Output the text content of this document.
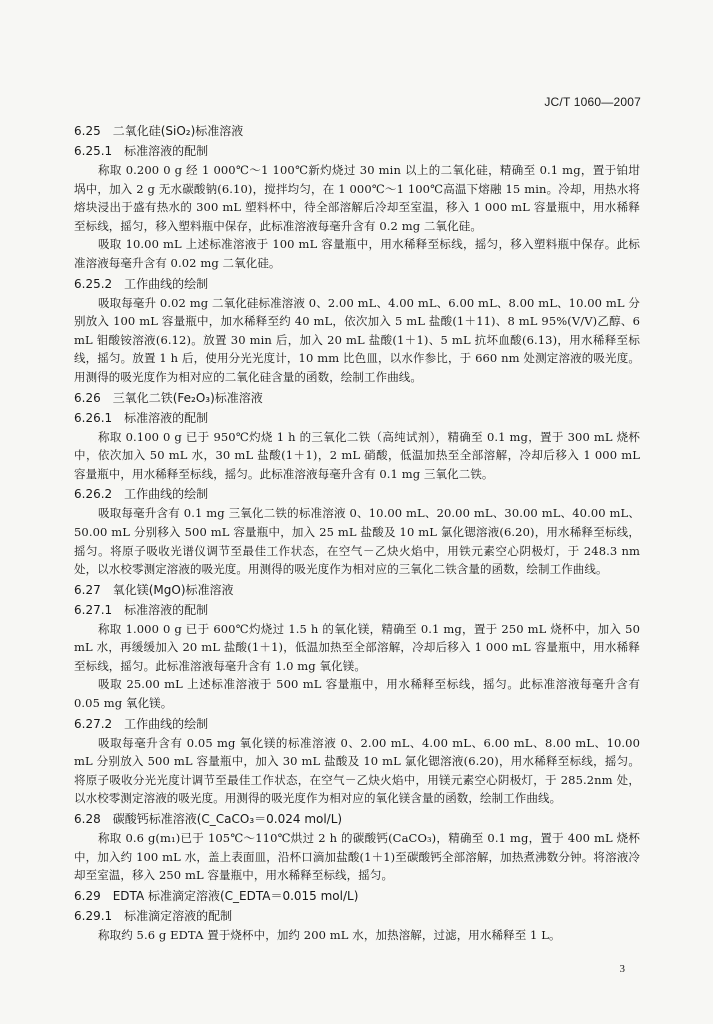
JC/T 1060—2007
6.25　二氧化硅(SiO₂)标准溶液
6.25.1　标准溶液的配制

称取 0.200 0 g 经 1 000℃～1 100℃新灼烧过 30 min 以上的二氧化硅，精确至 0.1 mg，置于铂坩埚中，加入 2 g 无水碳酸钠(6.10)，搅拌均匀，在 1 000℃～1 100℃高温下熔融 15 min。冷却，用热水将熔块浸出于盛有热水的 300 mL 塑料杯中，待全部溶解后冷却至室温，移入 1 000 mL 容量瓶中，用水稀释至标线，摇匀，移入塑料瓶中保存，此标准溶液每毫升含有 0.2 mg 二氧化硅。

吸取 10.00 mL 上述标准溶液于 100 mL 容量瓶中，用水稀释至标线，摇匀，移入塑料瓶中保存。此标准溶液每毫升含有 0.02 mg 二氧化硅。

6.25.2　工作曲线的绘制

吸取每毫升 0.02 mg 二氧化硅标准溶液 0、2.00 mL、4.00 mL、6.00 mL、8.00 mL、10.00 mL 分别放入 100 mL 容量瓶中，加水稀释至约 40 mL，依次加入 5 mL 盐酸(1＋11)、8 mL 95%(V/V)乙醇、6 mL 钼酸铵溶液(6.12)。放置 30 min 后，加入 20 mL 盐酸(1＋1)、5 mL 抗坏血酸(6.13)，用水稀释至标线，摇匀。放置 1 h 后，使用分光光度计，10 mm 比色皿，以水作参比，于 660 nm 处测定溶液的吸光度。用测得的吸光度作为相对应的二氧化硅含量的函数，绘制工作曲线。

6.26　三氧化二铁(Fe₂O₃)标准溶液
6.26.1　标准溶液的配制

称取 0.100 0 g 已于 950℃灼烧 1 h 的三氧化二铁（高纯试剂），精确至 0.1 mg，置于 300 mL 烧杯中，依次加入 50 mL 水，30 mL 盐酸(1＋1)，2 mL 硝酸，低温加热至全部溶解，冷却后移入 1 000 mL 容量瓶中，用水稀释至标线，摇匀。此标准溶液每毫升含有 0.1 mg 三氧化二铁。

6.26.2　工作曲线的绘制

吸取每毫升含有 0.1 mg 三氧化二铁的标准溶液 0、10.00 mL、20.00 mL、30.00 mL、40.00 mL、50.00 mL 分别移入 500 mL 容量瓶中，加入 25 mL 盐酸及 10 mL 氯化锶溶液(6.20)，用水稀释至标线，摇匀。将原子吸收光谱仪调节至最佳工作状态，在空气－乙炔火焰中，用铁元素空心阴极灯，于 248.3 nm 处，以水校零测定溶液的吸光度。用测得的吸光度作为相对应的三氧化二铁含量的函数，绘制工作曲线。

6.27　氧化镁(MgO)标准溶液
6.27.1　标准溶液的配制

称取 1.000 0 g 已于 600℃灼烧过 1.5 h 的氧化镁，精确至 0.1 mg，置于 250 mL 烧杯中，加入 50 mL 水，再缓缓加入 20 mL 盐酸(1＋1)，低温加热至全部溶解，冷却后移入 1 000 mL 容量瓶中，用水稀释至标线，摇匀。此标准溶液每毫升含有 1.0 mg 氧化镁。

吸取 25.00 mL 上述标准溶液于 500 mL 容量瓶中，用水稀释至标线，摇匀。此标准溶液每毫升含有 0.05 mg 氧化镁。

6.27.2　工作曲线的绘制

吸取每毫升含有 0.05 mg 氧化镁的标准溶液 0、2.00 mL、4.00 mL、6.00 mL、8.00 mL、10.00 mL 分别放入 500 mL 容量瓶中，加入 30 mL 盐酸及 10 mL 氯化锶溶液(6.20)，用水稀释至标线，摇匀。将原子吸收分光光度计调节至最佳工作状态，在空气－乙炔火焰中，用镁元素空心阴极灯，于 285.2nm 处，以水校零测定溶液的吸光度。用测得的吸光度作为相对应的氧化镁含量的函数，绘制工作曲线。

6.28　碳酸钙标准溶液(C_CaCO₃＝0.024 mol/L)

称取 0.6 g(m₁)已于 105℃～110℃烘过 2 h 的碳酸钙(CaCO₃)，精确至 0.1 mg，置于 400 mL 烧杯中，加入约 100 mL 水，盖上表面皿，沿杯口滴加盐酸(1＋1)至碳酸钙全部溶解，加热煮沸数分钟。将溶液冷却至室温，移入 250 mL 容量瓶中，用水稀释至标线，摇匀。

6.29　EDTA 标准滴定溶液(C_EDTA＝0.015 mol/L)
6.29.1　标准滴定溶液的配制

称取约 5.6 g EDTA 置于烧杯中，加约 200 mL 水，加热溶解，过滤，用水稀释至 1 L。

3
